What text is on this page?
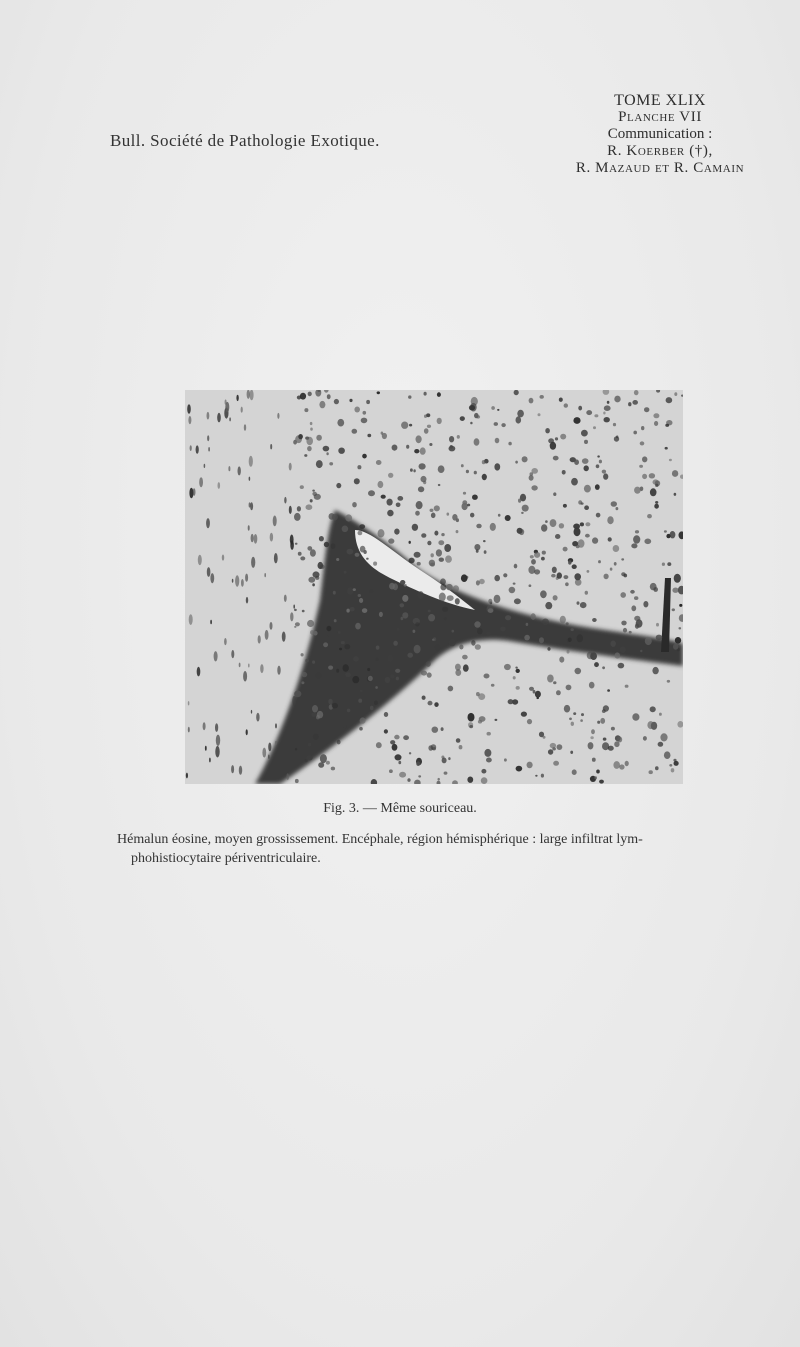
Bull. Société de Pathologie Exotique.
TOME XLIX
Planche VII
Communication :
R. Koerber (†),
R. Mazaud et R. Camain
Fig. 3. — Même souriceau.
Hémalun éosine, moyen grossissement. Encéphale, région hémisphérique : large infiltrat lym-
phohistiocytaire périventriculaire.
